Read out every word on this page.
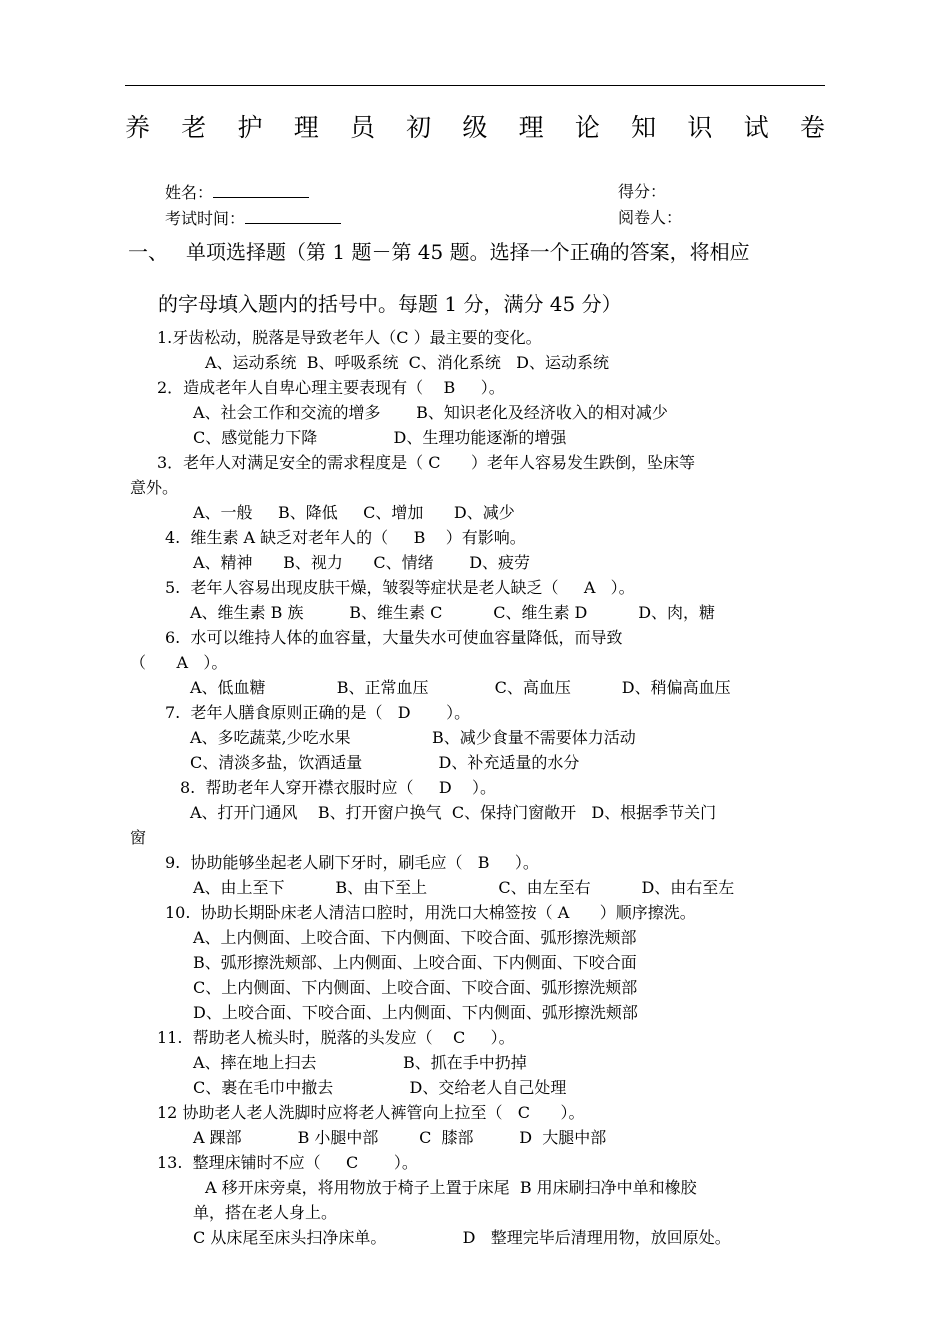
养 老 护 理 员 初 级 理 论 知 识 试 卷
姓名：	得分：
考试时间：	阅卷人：
一、 单项选择题（第 1 题－第 45 题。选择一个正确的答案，将相应
的字母填入题内的括号中。每题 1 分，满分 45 分）
1.牙齿松动，脱落是导致老年人（C ）最主要的变化。
A、运动系统  B、呼吸系统  C、消化系统   D、运动系统
2．造成老年人自卑心理主要表现有（    B     ）。
A、社会工作和交流的增多       B、知识老化及经济收入的相对减少
C、感觉能力下降               D、生理功能逐渐的增强
3．老年人对满足安全的需求程度是（ C      ）老年人容易发生跌倒，坠床等
意外。
A、一般     B、降低     C、增加      D、减少
4.  维生素 A 缺乏对老年人的（     B    ）有影响。
A、精神      B、视力      C、情绪       D、疲劳
5.  老年人容易出现皮肤干燥，皱裂等症状是老人缺乏（     A   ）。
A、维生素 B 族         B、维生素 C          C、维生素 D          D、肉，糖
6.  水可以维持人体的血容量，大量失水可使血容量降低，而导致
（      A   ）。
A、低血糖              B、正常血压             C、高血压          D、稍偏高血压
7.  老年人膳食原则正确的是（   D       ）。
A、多吃蔬菜,少吃水果                B、减少食量不需要体力活动
C、清淡多盐，饮酒适量               D、补充适量的水分
8.  帮助老年人穿开襟衣服时应（     D    ）。
A、打开门通风    B、打开窗户换气  C、保持门窗敞开   D、根据季节关门
窗
9.  协助能够坐起老人刷下牙时，刷毛应（   B     ）。
A、由上至下          B、由下至上              C、由左至右          D、由右至左
10.  协助长期卧床老人清洁口腔时，用洗口大棉签按（ A      ）顺序擦洗。
A、上内侧面、上咬合面、下内侧面、下咬合面、弧形擦洗颊部
B、弧形擦洗颊部、上内侧面、上咬合面、下内侧面、下咬合面
C、上内侧面、下内侧面、上咬合面、下咬合面、弧形擦洗颊部
D、上咬合面、下咬合面、上内侧面、下内侧面、弧形擦洗颊部
11.  帮助老人梳头时，脱落的头发应（    C     ）。
A、摔在地上扫去                 B、抓在手中扔掉
C、裹在毛巾中撤去               D、交给老人自己处理
12 协助老人老人洗脚时应将老人裤管向上拉至（   C      ）。
A 踝部           B 小腿中部        C  膝部         D  大腿中部
13.  整理床铺时不应（     C       ）。
A 移开床旁桌，将用物放于椅子上置于床尾  B 用床刷扫净中单和橡胶
单，搭在老人身上。
C 从床尾至床头扫净床单。               D   整理完毕后清理用物，放回原处。
